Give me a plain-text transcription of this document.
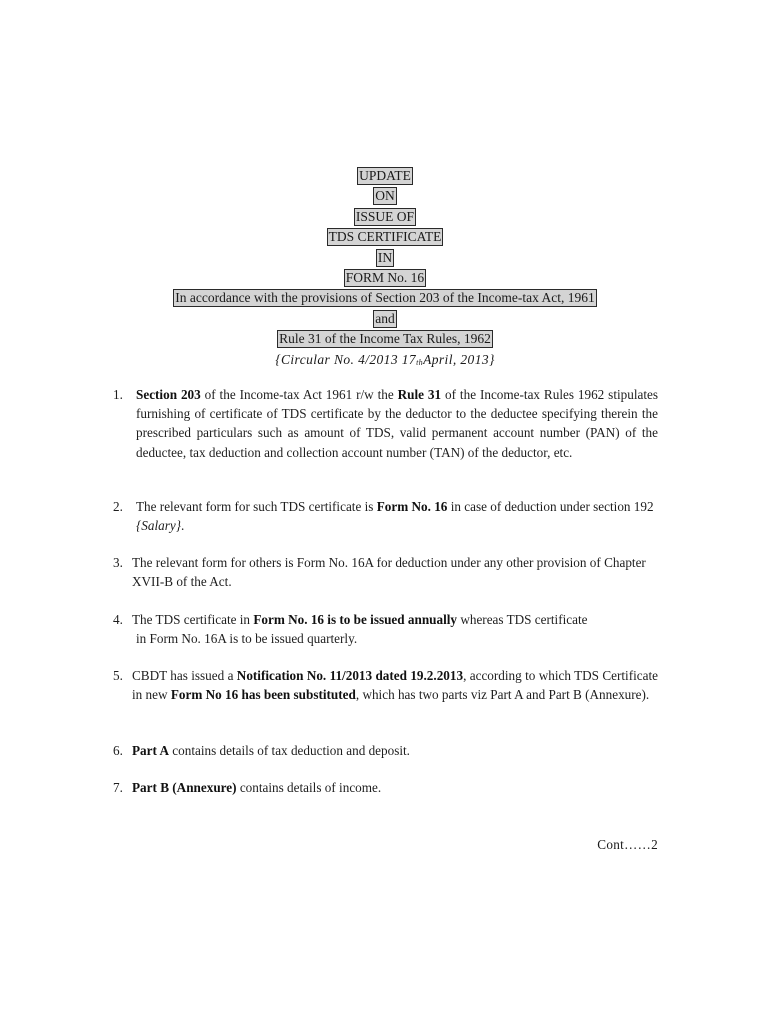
UPDATE
ON
ISSUE OF
TDS CERTIFICATE
IN
FORM No. 16
In accordance with the provisions of Section 203 of the Income-tax Act, 1961
and
Rule 31 of the Income Tax Rules, 1962
{Circular No. 4/2013 17thApril, 2013}
1. Section 203 of the Income-tax Act 1961 r/w the Rule 31 of the Income-tax Rules 1962 stipulates furnishing of certificate of TDS certificate by the deductor to the deductee specifying therein the prescribed particulars such as amount of TDS, valid permanent account number (PAN) of the deductee, tax deduction and collection account number (TAN) of the deductor, etc.
2. The relevant form for such TDS certificate is Form No. 16 in case of deduction under section 192 {Salary}.
3. The relevant form for others is Form No. 16A for deduction under any other provision of Chapter XVII-B of the Act.
4. The TDS certificate in Form No. 16 is to be issued annually whereas TDS certificate
in Form No. 16A is to be issued quarterly.
5. CBDT has issued a Notification No. 11/2013 dated 19.2.2013, according to which TDS Certificate in new Form No 16 has been substituted, which has two parts viz Part A and Part B (Annexure).
6. Part A contains details of tax deduction and deposit.
7. Part B (Annexure) contains details of income.
Cont……2
